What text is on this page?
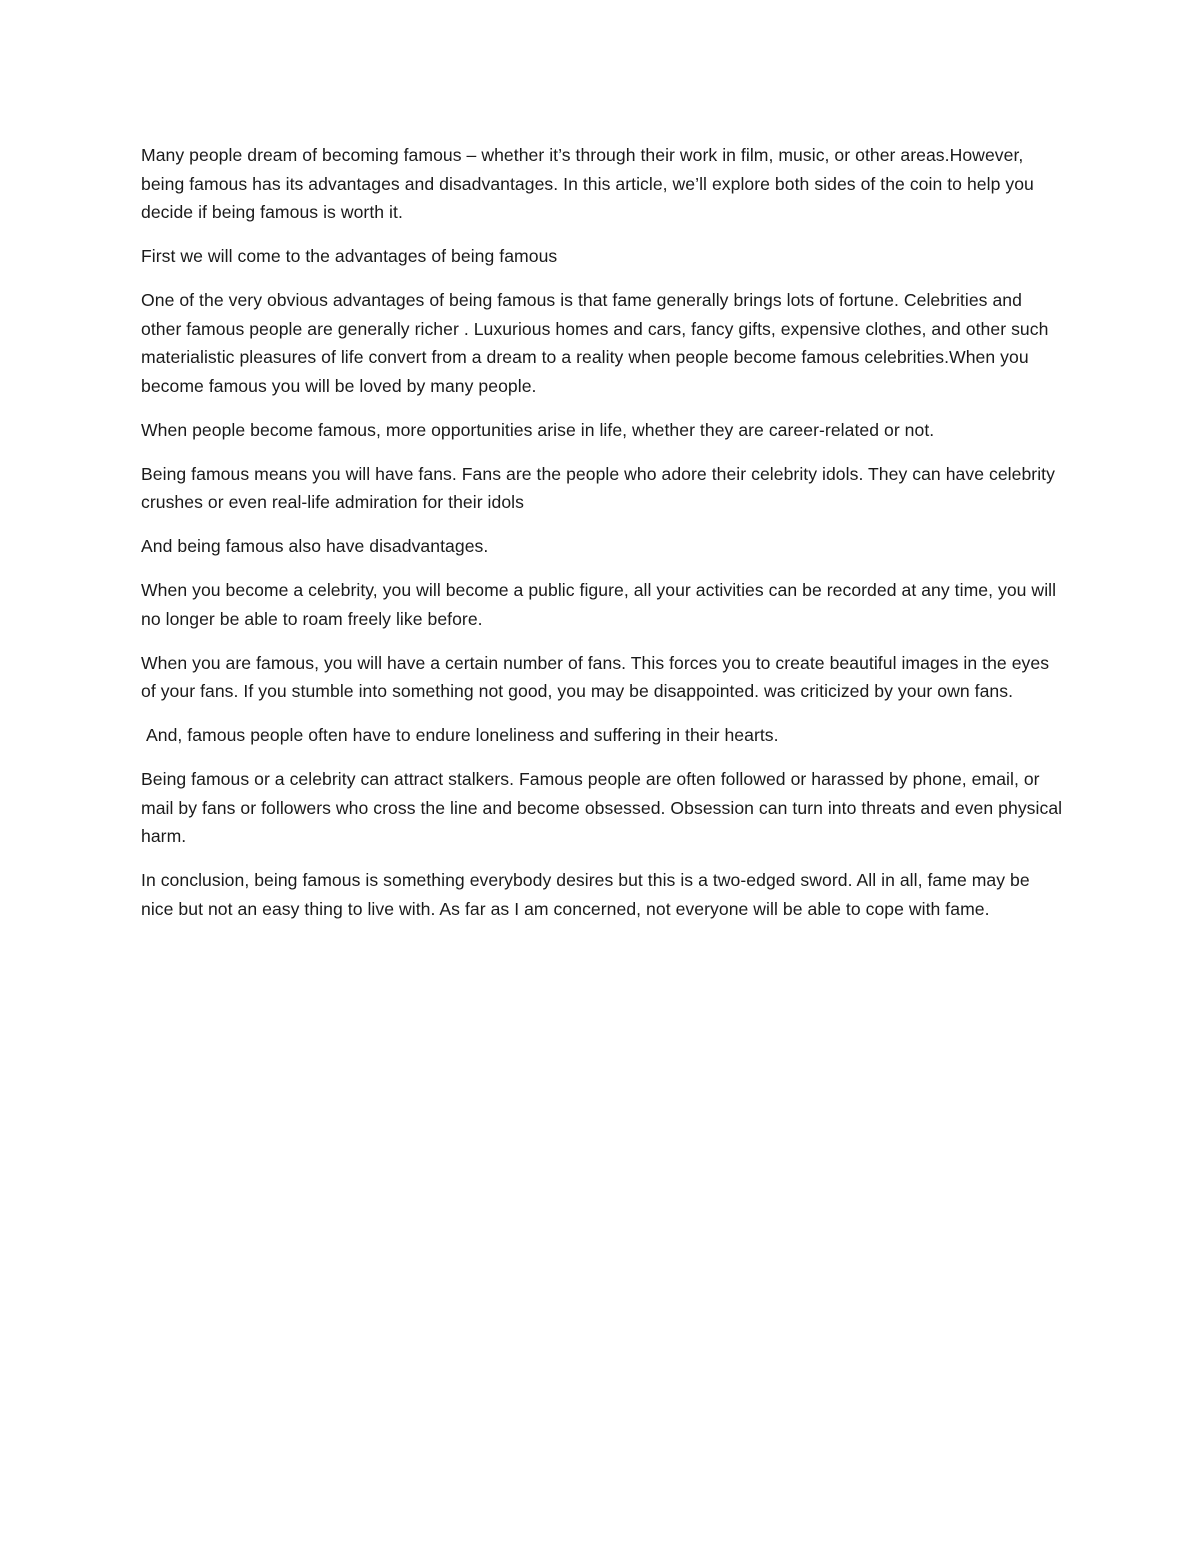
Many people dream of becoming famous – whether it’s through their work in film, music, or other areas.However, being famous has its advantages and disadvantages. In this article, we’ll explore both sides of the coin to help you decide if being famous is worth it.

First we will come to the advantages of being famous

One of the very obvious advantages of being famous is that fame generally brings lots of fortune. Celebrities and other famous people are generally richer . Luxurious homes and cars, fancy gifts, expensive clothes, and other such materialistic pleasures of life convert from a dream to a reality when people become famous celebrities.When you become famous you will be loved by many people.

When people become famous, more opportunities arise in life, whether they are career-related or not.

Being famous means you will have fans. Fans are the people who adore their celebrity idols. They can have celebrity crushes or even real-life admiration for their idols

And being famous also have disadvantages.

When you become a celebrity, you will become a public figure, all your activities can be recorded at any time, you will no longer be able to roam freely like before.

When you are famous, you will have a certain number of fans. This forces you to create beautiful images in the eyes of your fans. If you stumble into something not good, you may be disappointed. was criticized by your own fans.

And, famous people often have to endure loneliness and suffering in their hearts.

Being famous or a celebrity can attract stalkers. Famous people are often followed or harassed by phone, email, or mail by fans or followers who cross the line and become obsessed. Obsession can turn into threats and even physical harm.

In conclusion, being famous is something everybody desires but this is a two-edged sword. All in all, fame may be nice but not an easy thing to live with. As far as I am concerned, not everyone will be able to cope with fame.
